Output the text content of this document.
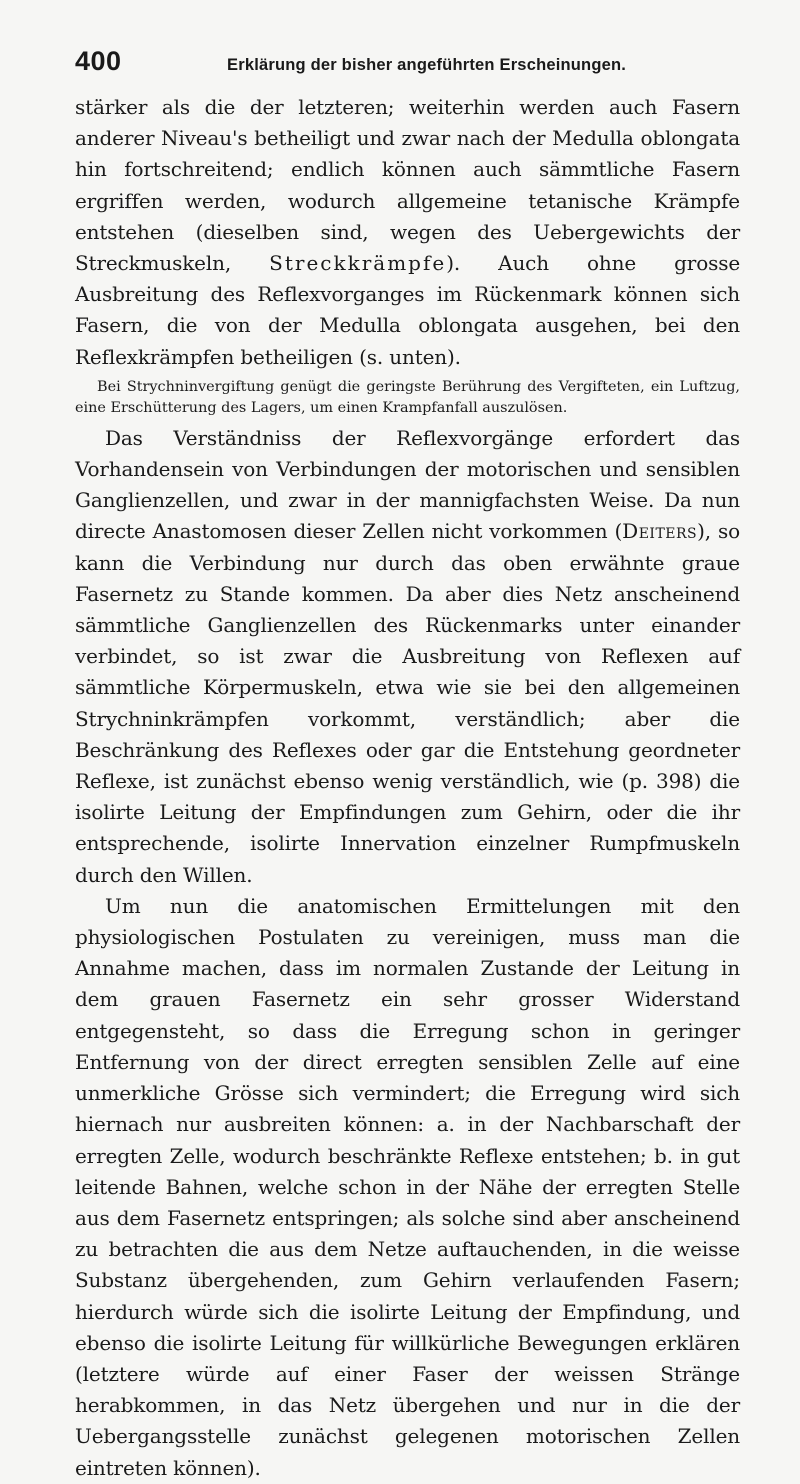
400	Erklärung der bisher angeführten Erscheinungen.

stärker als die der letzteren; weiterhin werden auch Fasern anderer Niveau's betheiligt und zwar nach der Medulla oblongata hin fortschreitend; endlich können auch sämmtliche Fasern ergriffen werden, wodurch allgemeine tetanische Krämpfe entstehen (dieselben sind, wegen des Uebergewichts der Streckmuskeln, Streckkrämpfe). Auch ohne grosse Ausbreitung des Reflexvorganges im Rückenmark können sich Fasern, die von der Medulla oblongata ausgehen, bei den Reflexkrämpfen betheiligen (s. unten).

Bei Strychninvergiftung genügt die geringste Berührung des Vergifteten, ein Luftzug, eine Erschütterung des Lagers, um einen Krampfanfall auszulösen.

Das Verständniss der Reflexvorgänge erfordert das Vorhandensein von Verbindungen der motorischen und sensiblen Ganglienzellen, und zwar in der mannigfachsten Weise. Da nun directe Anastomosen dieser Zellen nicht vorkommen (Deiters), so kann die Verbindung nur durch das oben erwähnte graue Fasernetz zu Stande kommen. Da aber dies Netz anscheinend sämmtliche Ganglienzellen des Rückenmarks unter einander verbindet, so ist zwar die Ausbreitung von Reflexen auf sämmtliche Körpermuskeln, etwa wie sie bei den allgemeinen Strychninkrämpfen vorkommt, verständlich; aber die Beschränkung des Reflexes oder gar die Entstehung geordneter Reflexe, ist zunächst ebenso wenig verständlich, wie (p. 398) die isolirte Leitung der Empfindungen zum Gehirn, oder die ihr entsprechende, isolirte Innervation einzelner Rumpfmuskeln durch den Willen.

Um nun die anatomischen Ermittelungen mit den physiologischen Postulaten zu vereinigen, muss man die Annahme machen, dass im normalen Zustande der Leitung in dem grauen Fasernetz ein sehr grosser Widerstand entgegensteht, so dass die Erregung schon in geringer Entfernung von der direct erregten sensiblen Zelle auf eine unmerkliche Grösse sich vermindert; die Erregung wird sich hiernach nur ausbreiten können: a. in der Nachbarschaft der erregten Zelle, wodurch beschränkte Reflexe entstehen; b. in gut leitende Bahnen, welche schon in der Nähe der erregten Stelle aus dem Fasernetz entspringen; als solche sind aber anscheinend zu betrachten die aus dem Netze auftauchenden, in die weisse Substanz übergehenden, zum Gehirn verlaufenden Fasern; hierdurch würde sich die isolirte Leitung der Empfindung, und ebenso die isolirte Leitung für willkürliche Bewegungen erklären (letztere würde auf einer Faser der weissen Stränge herabkommen, in das Netz übergehen und nur in die der Uebergangsstelle zunächst gelegenen motorischen Zellen eintreten können).
